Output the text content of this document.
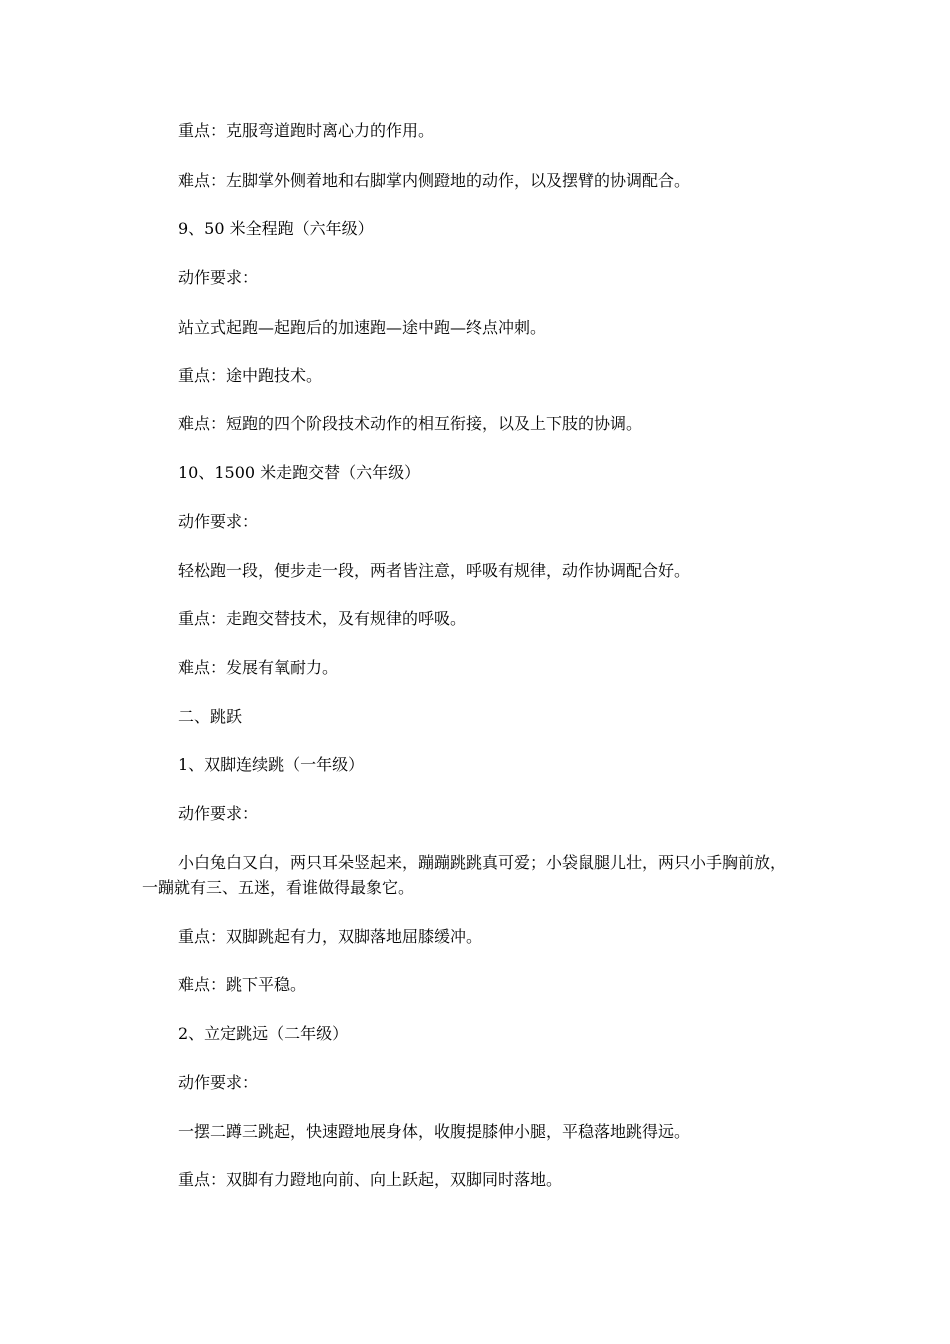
重点：克服弯道跑时离心力的作用。
难点：左脚掌外侧着地和右脚掌内侧蹬地的动作，以及摆臂的协调配合。
9、50 米全程跑（六年级）
动作要求：
站立式起跑—起跑后的加速跑—途中跑—终点冲刺。
重点：途中跑技术。
难点：短跑的四个阶段技术动作的相互衔接，以及上下肢的协调。
10、1500 米走跑交替（六年级）
动作要求：
轻松跑一段，便步走一段，两者皆注意，呼吸有规律，动作协调配合好。
重点：走跑交替技术，及有规律的呼吸。
难点：发展有氧耐力。
二、跳跃
1、双脚连续跳（一年级）
动作要求：
小白兔白又白，两只耳朵竖起来，蹦蹦跳跳真可爱；小袋鼠腿儿壮，两只小手胸前放，
一蹦就有三、五迷，看谁做得最象它。
重点：双脚跳起有力，双脚落地屈膝缓冲。
难点：跳下平稳。
2、立定跳远（二年级）
动作要求：
一摆二蹲三跳起，快速蹬地展身体，收腹提膝伸小腿，平稳落地跳得远。
重点：双脚有力蹬地向前、向上跃起，双脚同时落地。
